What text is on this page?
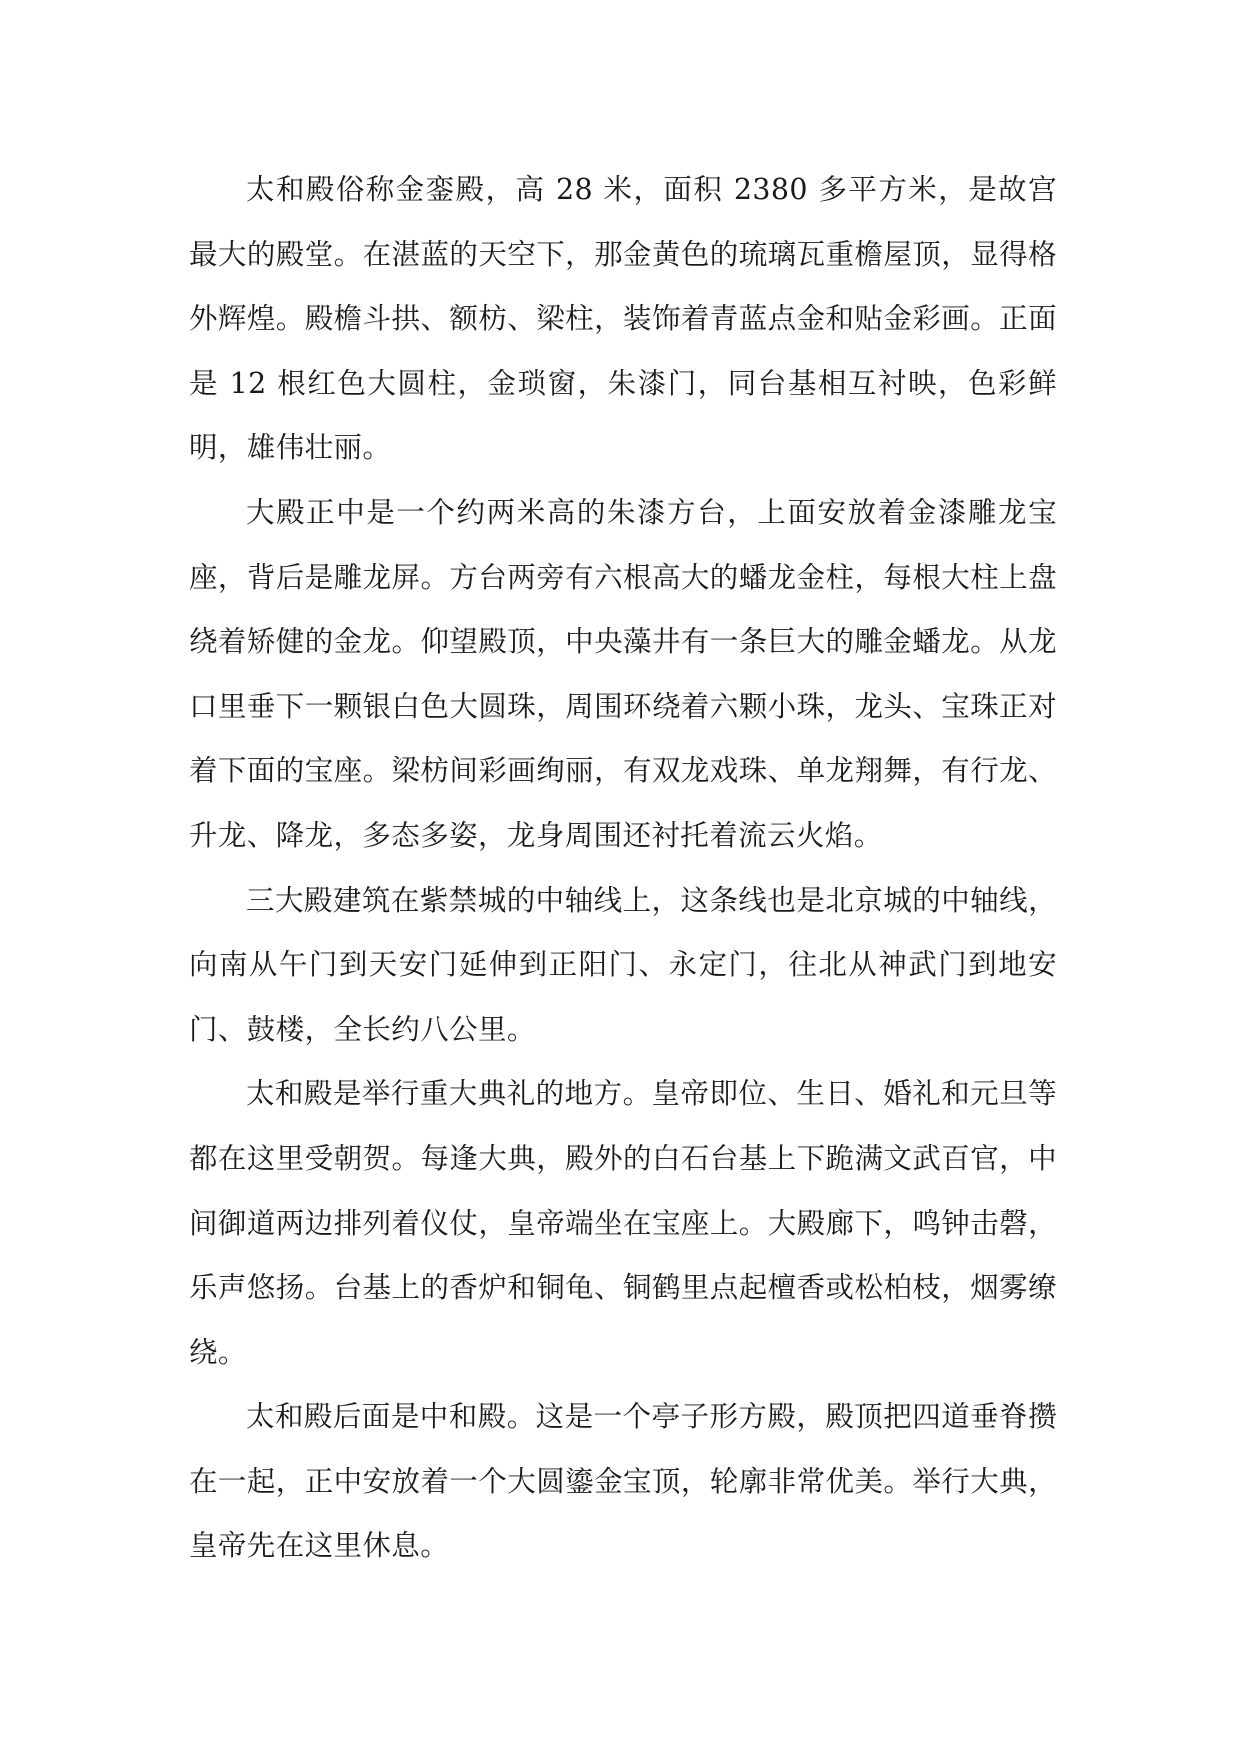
太和殿俗称金銮殿，高 28 米，面积 2380 多平方米，是故宫最大的殿堂。在湛蓝的天空下，那金黄色的琉璃瓦重檐屋顶，显得格外辉煌。殿檐斗拱、额枋、梁柱，装饰着青蓝点金和贴金彩画。正面是 12 根红色大圆柱，金琐窗，朱漆门，同台基相互衬映，色彩鲜明，雄伟壮丽。

大殿正中是一个约两米高的朱漆方台，上面安放着金漆雕龙宝座，背后是雕龙屏。方台两旁有六根高大的蟠龙金柱，每根大柱上盘绕着矫健的金龙。仰望殿顶，中央藻井有一条巨大的雕金蟠龙。从龙口里垂下一颗银白色大圆珠，周围环绕着六颗小珠，龙头、宝珠正对着下面的宝座。梁枋间彩画绚丽，有双龙戏珠、单龙翔舞，有行龙、升龙、降龙，多态多姿，龙身周围还衬托着流云火焰。

三大殿建筑在紫禁城的中轴线上，这条线也是北京城的中轴线，向南从午门到天安门延伸到正阳门、永定门，往北从神武门到地安门、鼓楼，全长约八公里。

太和殿是举行重大典礼的地方。皇帝即位、生日、婚礼和元旦等都在这里受朝贺。每逢大典，殿外的白石台基上下跪满文武百官，中间御道两边排列着仪仗，皇帝端坐在宝座上。大殿廊下，鸣钟击磬，乐声悠扬。台基上的香炉和铜龟、铜鹤里点起檀香或松柏枝，烟雾缭绕。

太和殿后面是中和殿。这是一个亭子形方殿，殿顶把四道垂脊攒在一起，正中安放着一个大圆鎏金宝顶，轮廓非常优美。举行大典，皇帝先在这里休息。
